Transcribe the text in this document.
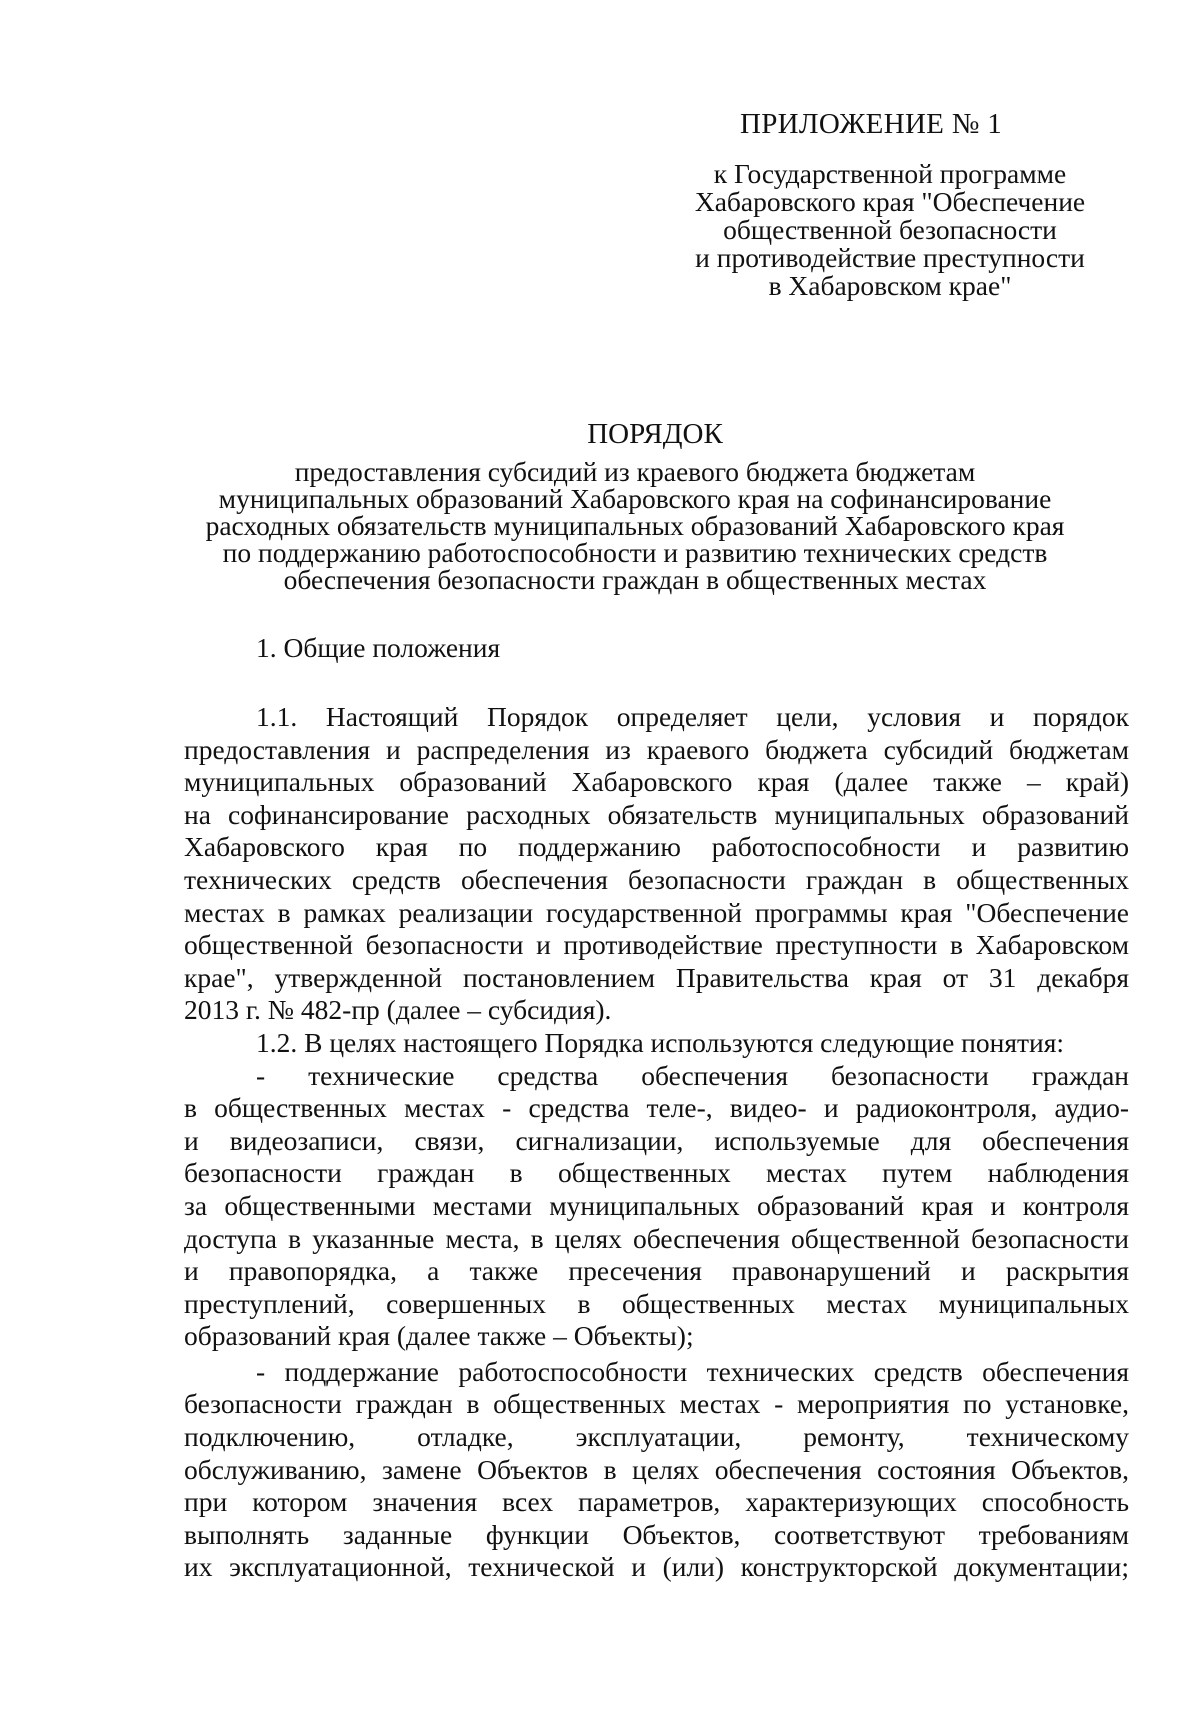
ПРИЛОЖЕНИЕ № 1
к Государственной программе
Хабаровского края "Обеспечение
общественной безопасности
и противодействие преступности
в Хабаровском крае"
ПОРЯДОК
предоставления субсидий из краевого бюджета бюджетам
муниципальных образований Хабаровского края на софинансирование
расходных обязательств муниципальных образований Хабаровского края
по поддержанию работоспособности и развитию технических средств
обеспечения безопасности граждан в общественных местах
1. Общие положения
1.1. Настоящий Порядок определяет цели, условия и порядок
предоставления и распределения из краевого бюджета субсидий бюджетам
муниципальных образований Хабаровского края (далее также – край)
на софинансирование расходных обязательств муниципальных образований
Хабаровского края по поддержанию работоспособности и развитию
технических средств обеспечения безопасности граждан в общественных
местах в рамках реализации государственной программы края "Обеспечение
общественной безопасности и противодействие преступности в Хабаровском
крае", утвержденной постановлением Правительства края от 31 декабря
2013 г. № 482-пр (далее – субсидия).
1.2. В целях настоящего Порядка используются следующие понятия:
- технические средства обеспечения безопасности граждан
в общественных местах - средства теле-, видео- и радиоконтроля, аудио-
и видеозаписи, связи, сигнализации, используемые для обеспечения
безопасности граждан в общественных местах путем наблюдения
за общественными местами муниципальных образований края и контроля
доступа в указанные места, в целях обеспечения общественной безопасности
и правопорядка, а также пресечения правонарушений и раскрытия
преступлений, совершенных в общественных местах муниципальных
образований края (далее также – Объекты);
- поддержание работоспособности технических средств обеспечения
безопасности граждан в общественных местах - мероприятия по установке,
подключению, отладке, эксплуатации, ремонту, техническому
обслуживанию, замене Объектов в целях обеспечения состояния Объектов,
при котором значения всех параметров, характеризующих способность
выполнять заданные функции Объектов, соответствуют требованиям
их эксплуатационной, технической и (или) конструкторской документации;
